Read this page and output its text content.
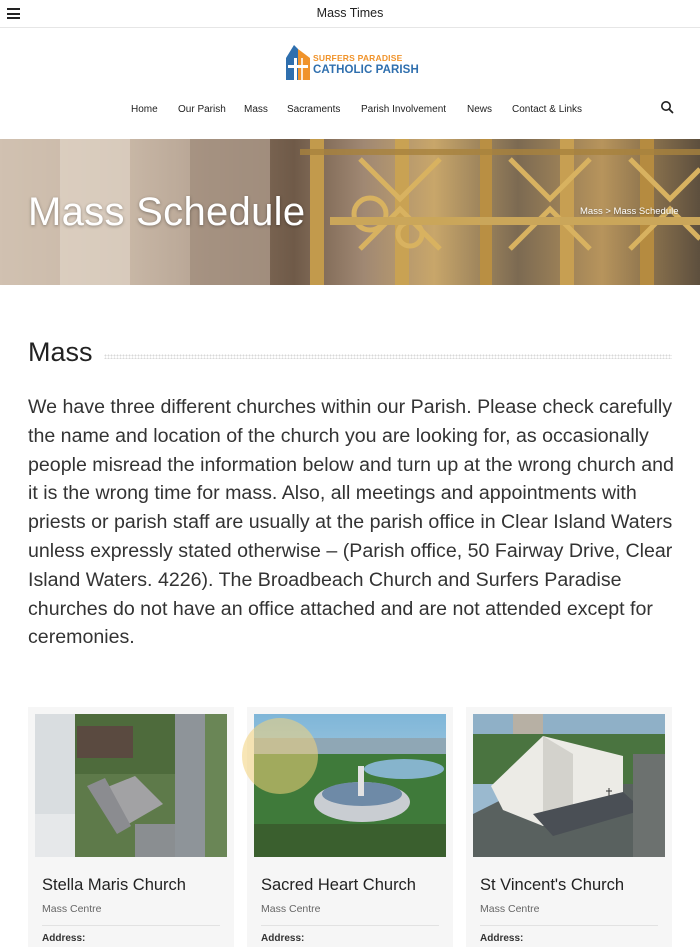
Mass Times
SURFERS PARADISE
CATHOLIC PARISH
Home Our Parish Mass Sacraments Parish Involvement News Contact & Links
Mass Schedule	Mass > Mass Schedule
Mass

We have three different churches within our Parish. Please check carefully the name and location of the church you are looking for, as occasionally people misread the information below and turn up at the wrong church and it is the wrong time for mass. Also, all meetings and appointments with priests or parish staff are usually at the parish office in Clear Island Waters unless expressly stated otherwise – (Parish office, 50 Fairway Drive, Clear Island Waters. 4226). The Broadbeach Church and Surfers Paradise churches do not have an office attached and are not attended except for ceremonies.

Stella Maris Church
Mass Centre
Address:
Sacred Heart Church
Mass Centre
Address:
St Vincent's Church
Mass Centre
Address:
